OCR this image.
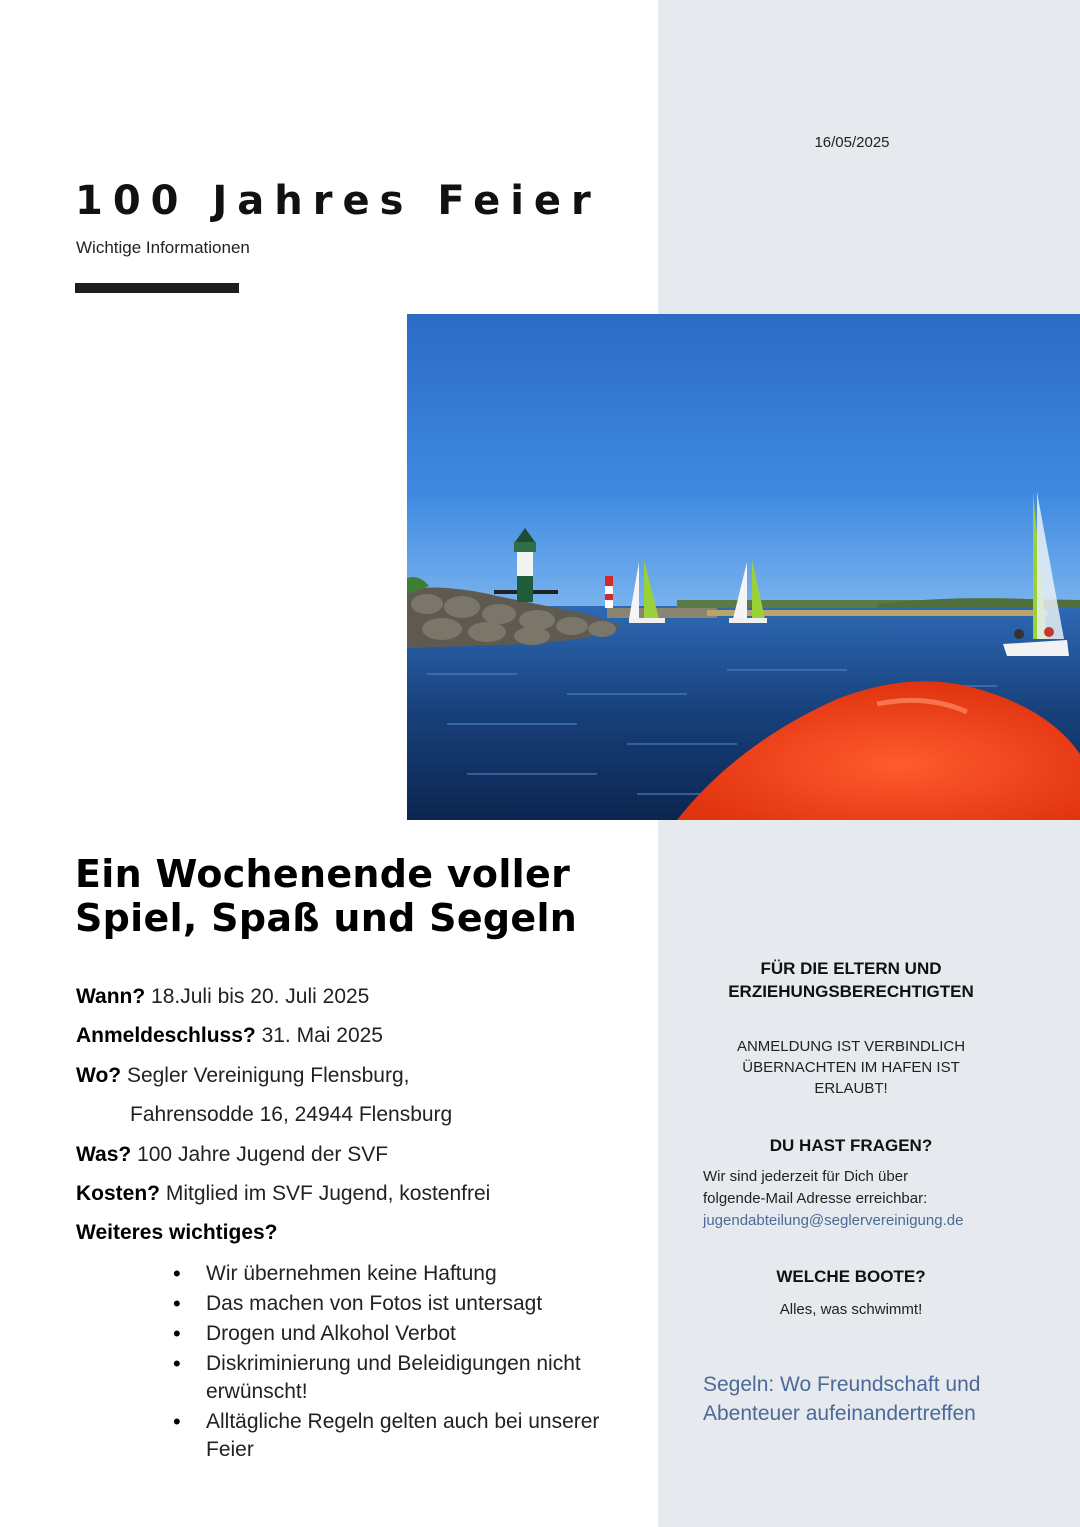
16/05/2025
100 Jahres Feier
Wichtige Informationen
Ein Wochenende voller
Spiel, Spaß und Segeln
Wann? 18.Juli bis 20. Juli 2025
Anmeldeschluss? 31. Mai 2025
Wo? Segler Vereinigung Flensburg,
Fahrensodde 16, 24944 Flensburg
Was? 100 Jahre Jugend der SVF
Kosten? Mitglied im SVF Jugend, kostenfrei
Weiteres wichtiges?
• Wir übernehmen keine Haftung
• Das machen von Fotos ist untersagt
• Drogen und Alkohol Verbot
• Diskriminierung und Beleidigungen nicht erwünscht!
• Alltägliche Regeln gelten auch bei unserer Feier
FÜR DIE ELTERN UND
ERZIEHUNGSBERECHTIGTEN
ANMELDUNG IST VERBINDLICH
ÜBERNACHTEN IM HAFEN IST
ERLAUBT!
DU HAST FRAGEN?
Wir sind jederzeit für Dich über
folgende-Mail Adresse erreichbar:
jugendabteilung@seglervereinigung.de
WELCHE BOOTE?
Alles, was schwimmt!
Segeln: Wo Freundschaft und
Abenteuer aufeinandertreffen
